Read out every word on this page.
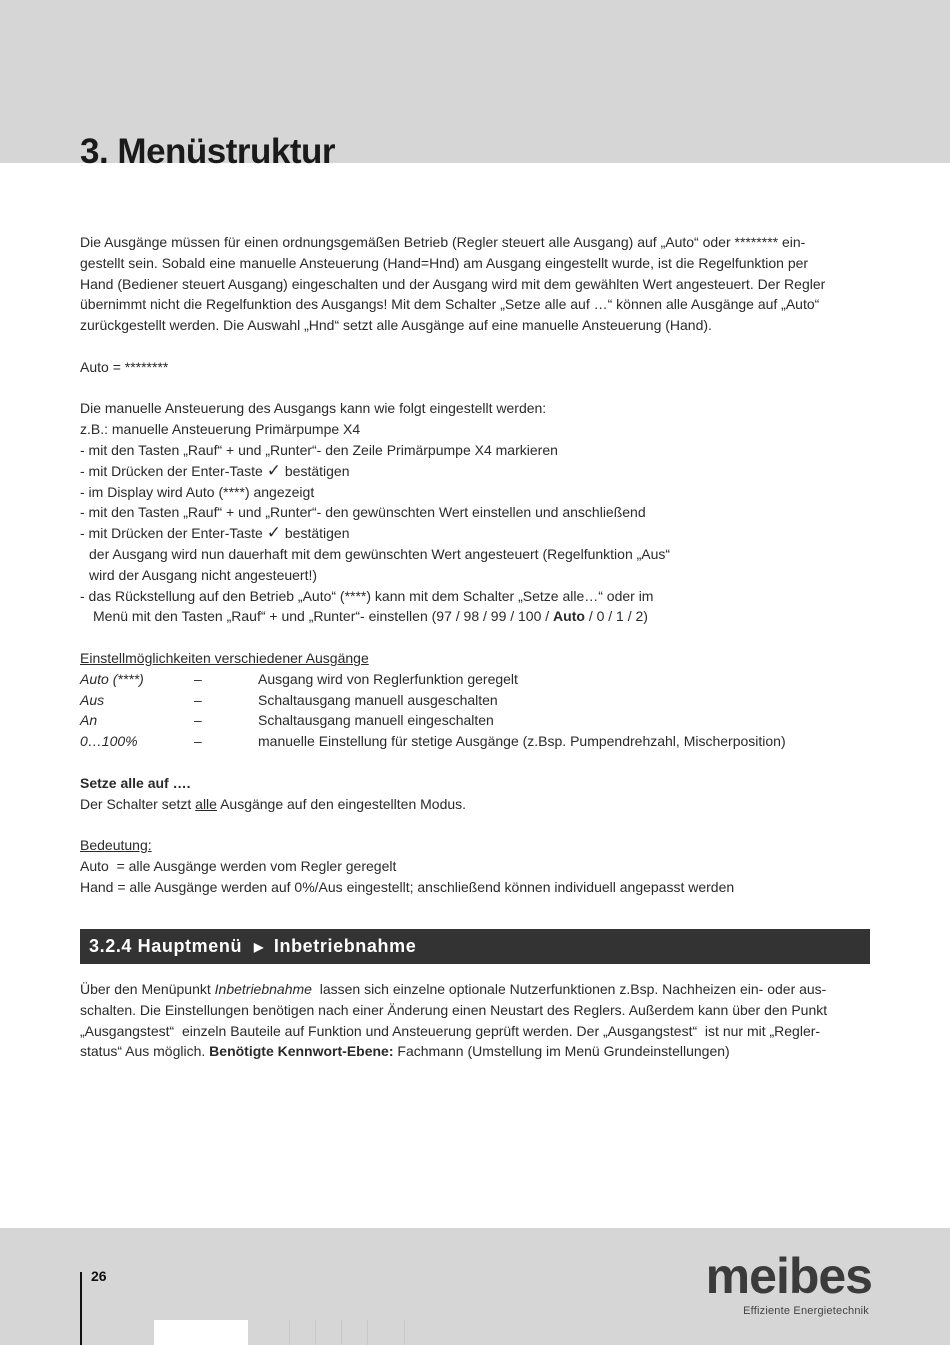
3. Menüstruktur

Die Ausgänge müssen für einen ordnungsgemäßen Betrieb (Regler steuert alle Ausgang) auf „Auto“ oder ******** ein-

gestellt sein. Sobald eine manuelle Ansteuerung (Hand=Hnd) am Ausgang eingestellt wurde, ist die Regelfunktion per

Hand (Bediener steuert Ausgang) eingeschalten und der Ausgang wird mit dem gewählten Wert angesteuert. Der Regler

übernimmt nicht die Regelfunktion des Ausgangs! Mit dem Schalter „Setze alle auf …“ können alle Ausgänge auf „Auto“

zurückgestellt werden. Die Auswahl „Hnd“ setzt alle Ausgänge auf eine manuelle Ansteuerung (Hand).

Auto = ********

Die manuelle Ansteuerung des Ausgangs kann wie folgt eingestellt werden:

z.B.: manuelle Ansteuerung Primärpumpe X4

- mit den Tasten „Rauf“ + und „Runter“- den Zeile Primärpumpe X4 markieren

- mit Drücken der Enter-Taste ✓ bestätigen

- im Display wird Auto (****) angezeigt

- mit den Tasten „Rauf“ + und „Runter“- den gewünschten Wert einstellen und anschließend

- mit Drücken der Enter-Taste ✓ bestätigen

der Ausgang wird nun dauerhaft mit dem gewünschten Wert angesteuert (Regelfunktion „Aus“

wird der Ausgang nicht angesteuert!)

- das Rückstellung auf den Betrieb „Auto“ (****) kann mit dem Schalter „Setze alle…“ oder im

Menü mit den Tasten „Rauf“ + und „Runter“- einstellen (97 / 98 / 99 / 100 / Auto / 0 / 1 / 2)

Einstellmöglichkeiten verschiedener Ausgänge

Auto (****)	–	Ausgang wird von Reglerfunktion geregelt
Aus	–	Schaltausgang manuell ausgeschalten
An	–	Schaltausgang manuell eingeschalten
0…100%	–	manuelle Einstellung für stetige Ausgänge (z.Bsp. Pumpendrehzahl, Mischerposition)

Setze alle auf ….

Der Schalter setzt alle Ausgänge auf den eingestellten Modus.

Bedeutung:

Auto  = alle Ausgänge werden vom Regler geregelt

Hand = alle Ausgänge werden auf 0%/Aus eingestellt; anschließend können individuell angepasst werden

3.2.4 Hauptmenü ▶ Inbetriebnahme

Über den Menüpunkt Inbetriebnahme  lassen sich einzelne optionale Nutzerfunktionen z.Bsp. Nachheizen ein- oder aus-

schalten. Die Einstellungen benötigen nach einer Änderung einen Neustart des Reglers. Außerdem kann über den Punkt

„Ausgangstest“  einzeln Bauteile auf Funktion und Ansteuerung geprüft werden. Der „Ausgangstest“  ist nur mit „Regler-

status“ Aus möglich. Benötigte Kennwort-Ebene: Fachmann (Umstellung im Menü Grundeinstellungen)

26	meibes
Effiziente Energietechnik
